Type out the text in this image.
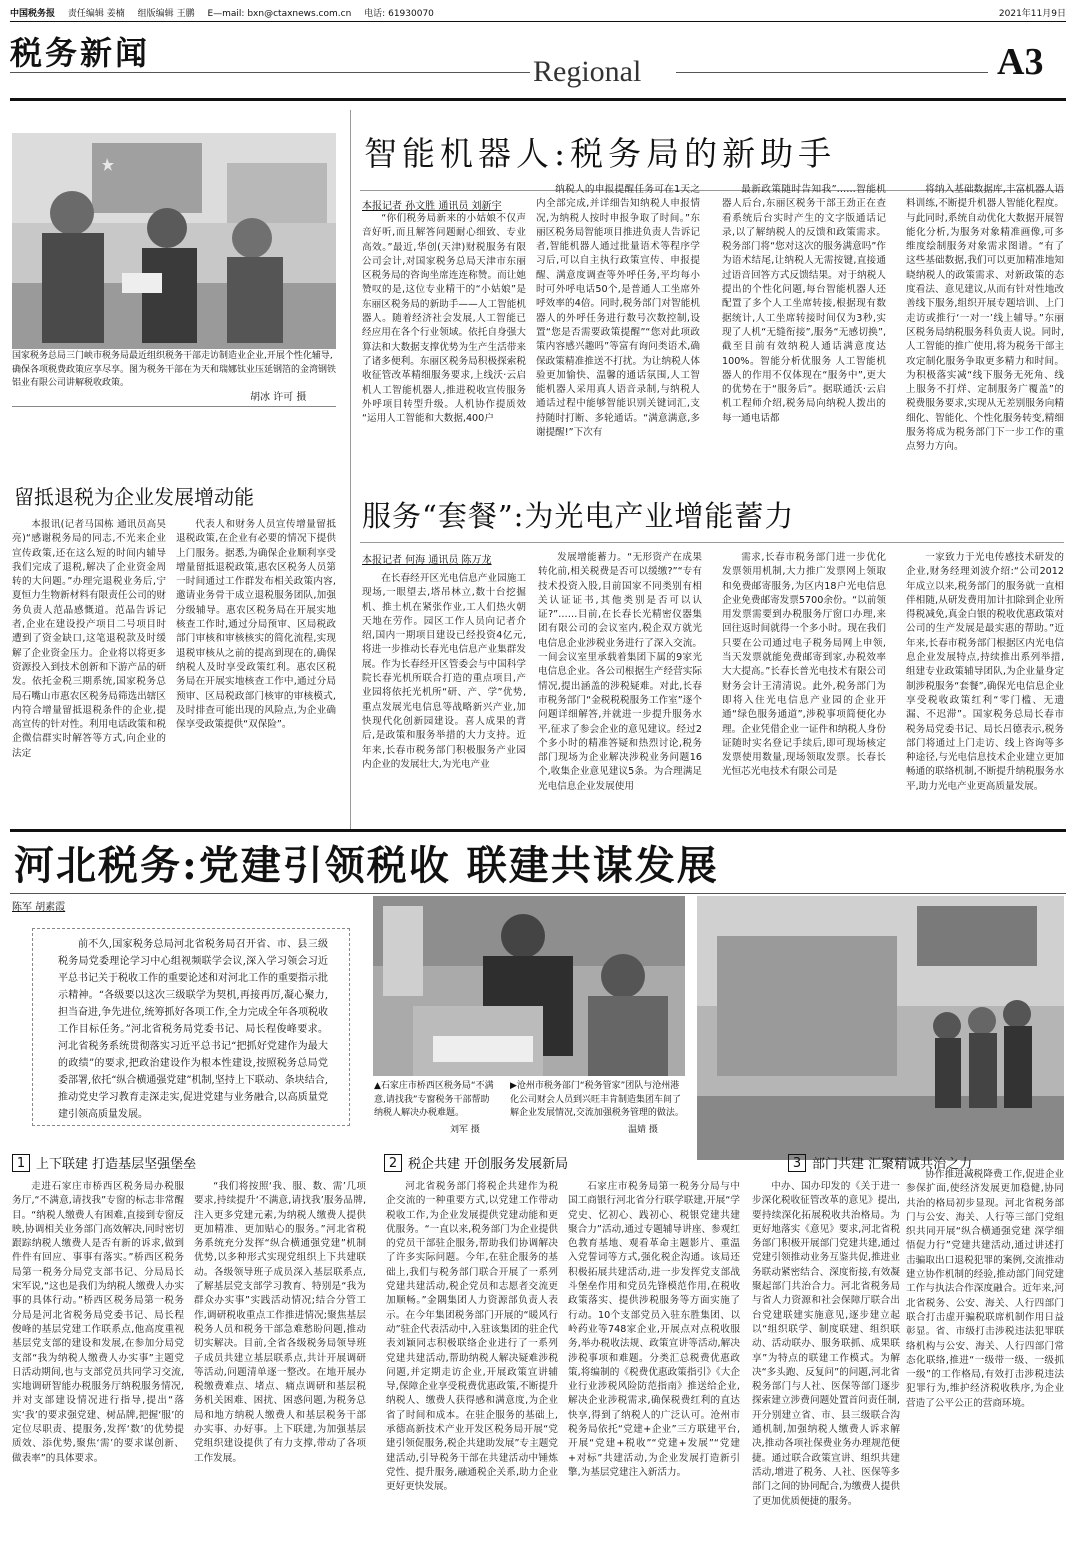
中国税务报 责任编辑 姜楠 组版编辑 王鹏 E—mail: bxn@ctaxnews.com.cn 电话: 61930070	2021年11月9日
税务新闻	Regional	A3
国家税务总局三门峡市税务局最近组织税务干部走访制造业企业,开展个性化辅导,确保各项税费政策应享尽享。图为税务干部在为天和瑞娜钛业压延钢箔的金湾钢铁铝业有限公司讲解税收政策。
胡冰 许可 摄
智能机器人:税务局的新助手
本报记者 孙文胜 通讯员 刘新宇

“你们税务局新来的小姑娘不仅声音好听,而且解答问题耐心细致、专业高效。”最近,华创(天津)财税服务有限公司会计,对国家税务总局天津市东丽区税务局的咨询坐席连连称赞。而让她赞叹的是,这位专业精干的“小姑娘”是东丽区税务局的新助手——人工智能机器人。随着经济社会发展,人工智能已经应用在各个行业领域。依托自身强大算法和大数据支撑优势为生产生活带来了诸多便利。东丽区税务局积极探索税收征管改革精细服务要求,上线沃·云启机人工智能机器人,推进税收宣传服务外呼项目转型升级。人机协作提质效 “运用人工智能和大数据,400户

纳税人的申报提醒任务可在1天之内全部完成,并详细告知纳税人申报情况,为纳税人按时申报争取了时间。”东丽区税务局智能项目推进负责人告诉记者,智能机器人通过批量语术等程序学习后,可以自主执行政策宣传、申报提醒、满意度调查等外呼任务,平均每小时可外呼电话50个,是普通人工坐席外呼效率的4倍。同时,税务部门对智能机器人的外呼任务进行数号次数控制,设置“您是否需要政策提醒”“您对此项政策内容感兴趣吗”等富有询问类语术,确保政策精准推送不打扰。为让纳税人体验更加愉快、温馨的通话氛围,人工智能机器人采用真人语音录制,与纳税人通话过程中能够智能识别关键词汇,支持随时打断、多轮通话。“满意满意,多谢提醒!”下次有

最新政策随时告知我”……智能机器人后台,东丽区税务干部王劲正在查看系统后台实时产生的文字版通话记录,以了解纳税人的反馈和政策需求。税务部门将“您对这次的服务满意吗”作为语术结尾,让纳税人无需按键,直接通过语音回答方式反馈结果。对于纳税人提出的个性化问题,每台智能机器人还配置了多个人工坐席转接,根据现有数据统计,人工坐席转接时间仅为3秒,实现了人机“无缝衔接”,服务“无感切换”,截至目前有效纳税人通话满意度达100%。智能分析优服务 人工智能机器人的作用不仅体现在“服务中”,更大的优势在于“服务后”。据联通沃·云启机工程师介绍,税务局向纳税人拨出的每一通电话都

将纳入基础数据库,丰富机器人语料训练,不断提升机器人智能化程度。与此同时,系统自动优化大数据开展智能化分析,为服务对象精准画像,可多维度绘制服务对象需求图谱。“有了这些基础数据,我们可以更加精准地知晓纳税人的政策需求、对新政策的态度看法、意见建议,从而有针对性地改善线下服务,组织开展专题培训、上门走访或推行‘一对一’线上辅导。”东丽区税务局纳税服务科负责人说。同时,人工智能的推广使用,将为税务干部主攻定制化服务争取更多精力和时间。为积极落实减“线下服务无死角、线上服务不打烊、定制服务广覆盖”的税费服务要求,实现从无差别服务向精细化、智能化、个性化服务转变,精细服务将成为税务部门下一步工作的重点努力方向。

留抵退税为企业发展增动能

本报讯(记者马国栋 通讯员高昊亮)“感谢税务局的同志,不光来企业宣传政策,还在这么短的时间内辅导我们完成了退税,解决了企业资金周转的大问题。”办理完退税业务后,宁夏恒力生物新材料有限责任公司的财务负责人范晶感慨道。范晶告诉记者,企业在建设投产项目二号项目时遭到了资金缺口,这笔退税款及时缓解了企业资金压力。企业将以将更多资源投入到技术创新和下游产品的研发。依托金税三期系统,国家税务总局石嘴山市惠农区税务局筛选出辖区内符合增量留抵退税条件的企业,提高宣传的针对性。利用电话政策和税企微信群实时解答等方式,向企业的法定

代表人和财务人员宣传增量留抵退税政策,在企业有必要的情况下提供上门服务。据悉,为确保企业顺利享受增量留抵退税政策,惠农区税务人员第一时间通过工作群发布相关政策内容,邀请业务骨干成立退税服务团队,加强分级辅导。惠农区税务局在开展实地核查工作时,通过分局预审、区局税政部门审核和审核核实的简化流程,实现退税审核从之前的提高到现在的,确保纳税人及时享受政策红利。惠农区税务局在开展实地核查工作中,通过分局预审、区局税政部门核审的审核模式,及时排查可能出现的风险点,为企业确保享受政策提供“双保险”。

服务“套餐”:为光电产业增能蓄力
本报记者 何海 通讯员 陈万龙

在长春经开区光电信息产业园施工现场,一眼望去,塔吊林立,数十台挖掘机、推土机在紧张作业,工人们热火朝天地在劳作。园区工作人员向记者介绍,国内一期项目建设已经投资4亿元,将进一步推动长春光电信息产业集群发展。作为长春经开区管委会与中国科学院长春光机所联合打造的重点项目,产业园将依托光机所“研、产、学”优势,重点发展光电信息等战略新兴产业,加快现代化创新园建设。喜人成果的背后,是政策和服务举措的大力支持。近年来,长春市税务部门积极服务产业园内企业的发展壮大,为光电产业

发展增能蓄力。“无形资产在成果转化前,相关税费是否可以缓缴?”“专有技术投资入股,目前国家不同类别有相关认证证书,其他类别是否可以认证?”……目前,在长春长光精密仪器集团有限公司的会议室内,税企双方就光电信息企业涉税业务进行了深入交流。一间会议室里承载着集团下属的9家光电信息企业。各公司根据生产经营实际情况,提出涵盖的涉税疑难。对此,长春市税务部门“金税税税服务工作室”逐个问题详细解答,并就进一步提升服务水平,征求了参会企业的意见建议。经过2个多小时的精准答疑和热烈讨论,税务部门现场为企业解决涉税业务问题16个,收集企业意见建议5条。为合理满足光电信息企业发展使用

需求,长春市税务部门进一步优化发票领用机制,大力推广发票网上领取和免费邮寄服务,为区内18户光电信息企业免费邮寄发票5700余份。“以前领用发票需要到办税服务厅窗口办理,来回往返时间就得一个多小时。现在我们只要在公司通过电子税务局网上申领,当天发票就能免费邮寄到家,办税效率大大提高。”长春长普光电技术有限公司财务会计王清清说。此外,税务部门为即将入住光电信息产业园的企业开通“绿色服务通道”,涉税事项简便化办理。企业凭借企业一证件和纳税人身份证随时实名登记手续后,即可现场核定发票使用数量,现场领取发票。长春长光恒芯光电技术有限公司是

一家致力于光电传感技术研发的企业,财务经理刘波介绍:“公司2012年成立以来,税务部门的服务就一直相伴相随,从研发费用加计扣除到企业所得税减免,真金白银的税收优惠政策对公司的生产发展是最实惠的帮助。”近年来,长春市税务部门根据区内光电信息企业发展特点,持续推出系列举措,组建专业政策辅导团队,为企业量身定制涉税服务“套餐”,确保光电信息企业享受税收政策红利“零门槛、无遗漏、不迟滞”。国家税务总局长春市税务局党委书记、局长吕德表示,税务部门将通过上门走访、线上咨询等多种途径,与光电信息技术企业建立更加畅通的联络机制,不断提升纳税服务水平,助力光电产业更高质量发展。

河北税务:党建引领税收 联建共谋发展
陈军 胡素霞
前不久,国家税务总局河北省税务局召开省、市、县三级税务局党委理论学习中心组视频联学会议,深入学习领会习近平总书记关于税收工作的重要论述和对河北工作的重要指示批示精神。“各级要以这次三级联学为契机,再接再厉,凝心聚力,担当奋进,争先进位,统筹抓好各项工作,全力完成全年各项税收工作目标任务。”河北省税务局党委书记、局长程俊峰要求。河北省税务系统贯彻落实习近平总书记“把抓好党建作为最大的政绩”的要求,把政治建设作为根本性建设,按照税务总局党委部署,依托“纵合横通强党建”机制,坚持上下联动、条块结合,推动党史学习教育走深走实,促进党建与业务融合,以高质量党建引领高质量发展。
▲石家庄市桥西区税务局“不满意,请找我”专窗税务干部帮助纳税人解决办税难题。
刘军 摄
▶沧州市税务部门“税务管家”团队与沧州港化公司财会人员到兴旺丰肯制造集团车间了解企业发展情况,交流加强税务管理的做法。
温婧 摄
1 上下联建 打造基层坚强堡垒	2 税企共建 开创服务发展新局	3 部门共建 汇聚精诚共治之力

走进石家庄市桥西区税务局办税服务厅,“不满意,请找我”专窗的标志非常醒目。“纳税人缴费人有困难,直接到专窗反映,协调相关业务部门高效解决,同时密切跟踪纳税人缴费人是否有新的诉求,做到件件有回应、事事有落实。”桥西区税务局第一税务分局党支部书记、分局局长宋军说,“这也是我们为纳税人缴费人办实事的具体行动。”桥西区税务局第一税务分局是河北省税务局党委书记、局长程俊峰的基层党建工作联系点,他高度重视基层党支部的建设和发展,在参加分局党支部“我为纳税人缴费人办实事”主题党日活动期间,也与支部党员共同学习交流,实地调研智能办税服务厅纳税服务情况,并对支部建设情况进行指导,提出“落实‘我’的要求强党建、树品牌,把握‘服’的定位尽职责、提服务,发挥‘数’的优势提质效、添优势,聚焦‘需’的要求谋创新、做表率”的具体要求。

“我们将按照‘我、服、数、需’几项要求,持续提升‘不满意,请找我’服务品牌,注入更多党建元素,为纳税人缴费人提供更加精准、更加贴心的服务。”河北省税务系统充分发挥“纵合横通强党建”机制优势,以多种形式实现党组织上下共建联动。各级领导班子成员深入基层联系点,了解基层党支部学习教育、特别是“我为群众办实事”实践活动情况;结合分管工作,调研税收重点工作推进情况;聚焦基层税务人员和税务干部急难愁盼问题,推动切实解决。目前,全省各级税务局领导班子成员共建立基层联系点,共计开展调研等活动,问题清单逐一整改。在地开展办税缴费难点、堵点、痛点调研和基层税务机关困难、困扰、困惑问题,为税务总局和地方纳税人缴费人和基层税务干部办实事、办好事。上下联建,为加强基层党组织建设提供了有力支撑,带动了各项工作发展。

河北省税务部门将税企共建作为税企交流的一种重要方式,以党建工作带动税收工作,为企业发展提供党建动能和更优服务。“一直以来,税务部门为企业提供的党员干部驻企服务,帮助我们协调解决了许多实际问题。今年,在驻企服务的基础上,我们与税务部门联合开展了一系列党建共建活动,税企党员和志愿者交流更加顺畅。”金隅集团人力资源部负责人表示。在今年集团税务部门开展的“暖风行动”驻企代表活动中,入驻该集团的驻企代表刘颖同志积极联络企业进行了一系列党建共建活动,帮助纳税人解决疑难涉税问题,并定期走访企业,开展政策宣讲辅导,保障企业享受税费优惠政策,不断提升纳税人、缴费人获得感和满意度,为企业省了时间和成本。在驻企服务的基础上,承德高新技术产业开发区税务局开展“党建引领促服务,税企共建助发展”专主题党建活动,引导税务干部在共建活动中锤炼党性、提升服务,融通税企关系,助力企业更好更快发展。

石家庄市税务局第一税务分局与中国工商银行河北省分行联学联建,开展“学党史、忆初心、践初心、税银党建共建聚合力”活动,通过专题辅导讲座、参观红色教育基地、观看革命主题影片、重温入党誓词等方式,强化税企沟通。该局还积极拓展共建活动,进一步发挥党支部战斗堡垒作用和党员先锋模范作用,在税收政策落实、提供涉税服务等方面实施了行动。10个支部党员入驻东胜集团、以岭药业等748家企业,开展点对点税收服务,举办税收法规、政策宣讲等活动,解决涉税事项和难题。分类汇总税费优惠政策,将编制的《税费优惠政策指引》《大企业行业涉税风险防范指南》推送给企业,解决企业涉税需求,确保税费红利的直达快享,得到了纳税人的广泛认可。沧州市税务局依托“党建+企业”三方联建平台,开展“党建+税收”“党建+发展”“党建+对标”共建活动,为企业发展打造新引擎,为基层党建注入新活力。

中办、国办印发的《关于进一步深化税收征管改革的意见》提出,要持续深化拓展税收共治格局。为更好地落实《意见》要求,河北省税务部门积极开展部门党建共建,通过党建引领推动业务互鉴共促,推进业务联动紧密结合、深度衔接,有效凝聚起部门共治合力。河北省税务局与省人力资源和社会保障厅联合出台党建联建实施意见,逐步建立起以“组织联学、制度联建、组织联动、活动联办、服务联抓、成果联享”为特点的联建工作模式。为解决“多头跑、反复问”的问题,河北省税务部门与人社、医保等部门逐步探索建立涉费问题处置首问责任制,开分别建立省、市、县三级联合沟通机制,加强纳税人缴费人诉求解决,推动各项社保费业务办理规范便捷。通过联合政策宣讲、组织共建活动,增进了税务、人社、医保等多部门之间的协同配合,为缴费人提供了更加优质便捷的服务。

协作推进减税降费工作,促进企业参保扩面,使经济发展更加稳健,协同共治的格局初步显现。河北省税务部门与公安、海关、人行等三部门党组织共同开展“纵合横通强党建 深学细悟促力行”党建共建活动,通过讲述打击骗取出口退税犯罪的案例,交流推动建立协作机制的经验,推动部门间党建工作与执法合作深度融合。近年来,河北省税务、公安、海关、人行四部门联合打击虚开骗税联席机制作用日益彰显。省、市级打击涉税违法犯罪联络机构与公安、海关、人行四部门常态化联络,推进“一级带一级、一级抓一级”的工作格局,有效打击涉税违法犯罪行为,维护经济税收秩序,为企业营造了公平公正的营商环境。
